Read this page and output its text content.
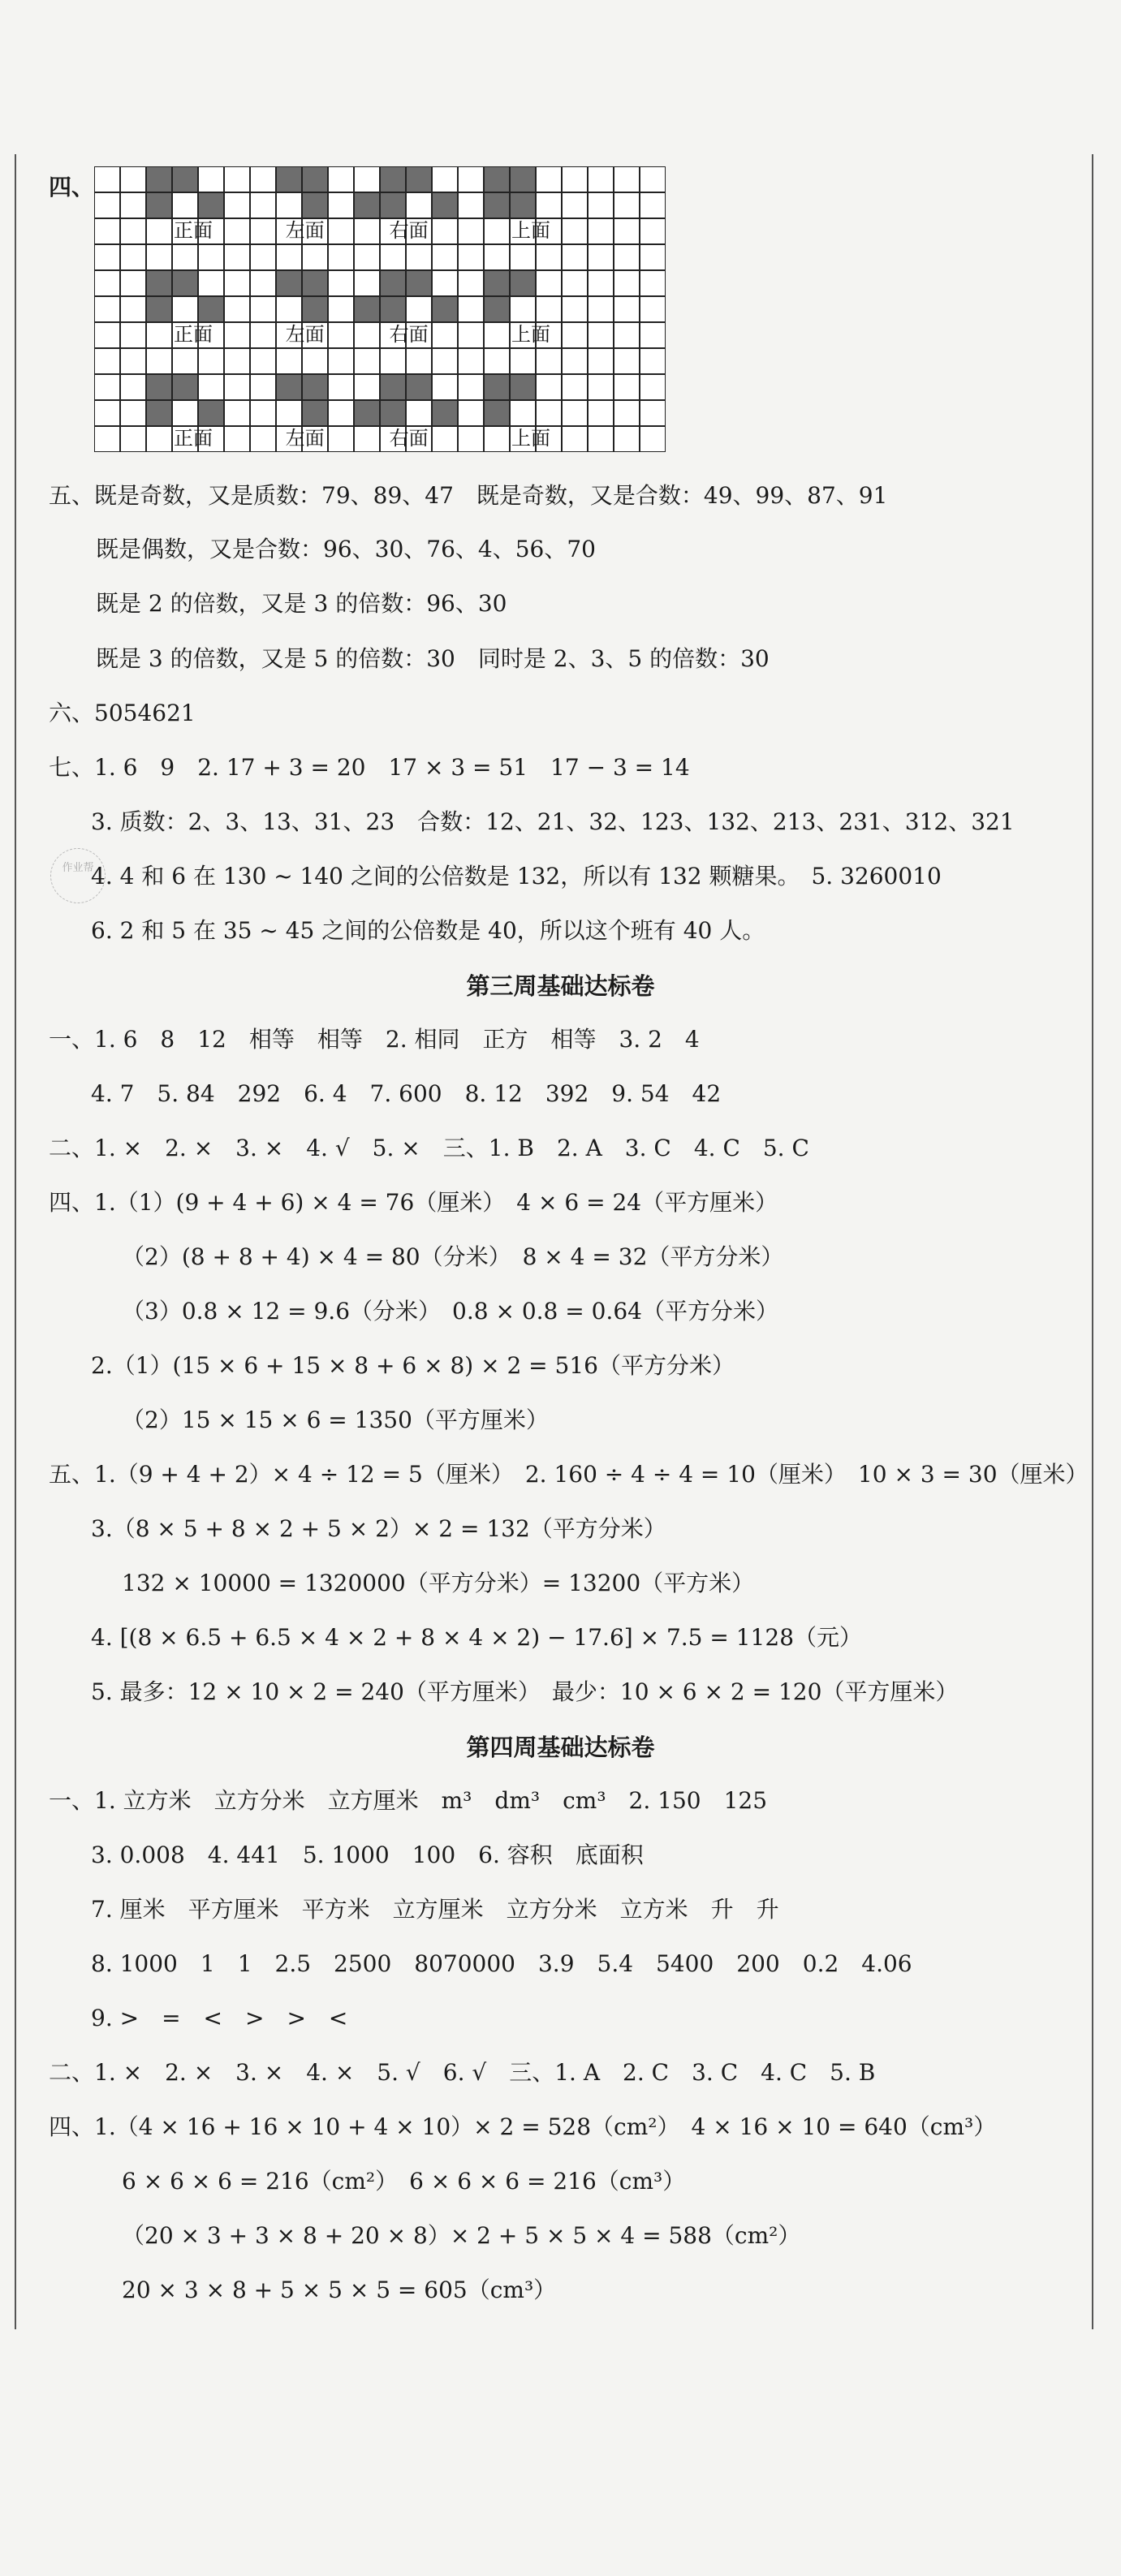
四、
正面	左面	右面	上面
正面	左面	右面	上面
正面	左面	右面	上面
五、既是奇数，又是质数：79、89、47　既是奇数，又是合数：49、99、87、91
既是偶数，又是合数：96、30、76、4、56、70
既是 2 的倍数，又是 3 的倍数：96、30
既是 3 的倍数，又是 5 的倍数：30　同时是 2、3、5 的倍数：30
六、5054621
七、1. 6　9　2. 17 + 3 = 20　17 × 3 = 51　17 − 3 = 14
3. 质数：2、3、13、31、23　合数：12、21、32、123、132、213、231、312、321
4. 4 和 6 在 130 ~ 140 之间的公倍数是 132，所以有 132 颗糖果。　5. 3260010
6. 2 和 5 在 35 ~ 45 之间的公倍数是 40，所以这个班有 40 人。
作业帮
第三周基础达标卷
一、1. 6　8　12　相等　相等　2. 相同　正方　相等　3. 2　4
4. 7　5. 84　292　6. 4　7. 600　8. 12　392　9. 54　42
二、1. ×　2. ×　3. ×　4. √　5. ×　三、1. B　2. A　3. C　4. C　5. C
四、1.（1）(9 + 4 + 6) × 4 = 76（厘米）　4 × 6 = 24（平方厘米）
（2）(8 + 8 + 4) × 4 = 80（分米）　8 × 4 = 32（平方分米）
（3）0.8 × 12 = 9.6（分米）　0.8 × 0.8 = 0.64（平方分米）
2.（1）(15 × 6 + 15 × 8 + 6 × 8) × 2 = 516（平方分米）
（2）15 × 15 × 6 = 1350（平方厘米）
五、1.（9 + 4 + 2）× 4 ÷ 12 = 5（厘米）　2. 160 ÷ 4 ÷ 4 = 10（厘米）　10 × 3 = 30（厘米）
3.（8 × 5 + 8 × 2 + 5 × 2）× 2 = 132（平方分米）
132 × 10000 = 1320000（平方分米）= 13200（平方米）
4. [(8 × 6.5 + 6.5 × 4 × 2 + 8 × 4 × 2) − 17.6] × 7.5 = 1128（元）
5. 最多：12 × 10 × 2 = 240（平方厘米）　最少：10 × 6 × 2 = 120（平方厘米）
第四周基础达标卷
一、1. 立方米　立方分米　立方厘米　m³　dm³　cm³　2. 150　125
3. 0.008　4. 441　5. 1000　100　6. 容积　底面积
7. 厘米　平方厘米　平方米　立方厘米　立方分米　立方米　升　升
8. 1000　1　1　2.5　2500　8070000　3.9　5.4　5400　200　0.2　4.06
9. >　=　<　>　>　<
二、1. ×　2. ×　3. ×　4. ×　5. √　6. √　三、1. A　2. C　3. C　4. C　5. B
四、1.（4 × 16 + 16 × 10 + 4 × 10）× 2 = 528（cm²）　4 × 16 × 10 = 640（cm³）
6 × 6 × 6 = 216（cm²）　6 × 6 × 6 = 216（cm³）
（20 × 3 + 3 × 8 + 20 × 8）× 2 + 5 × 5 × 4 = 588（cm²）
20 × 3 × 8 + 5 × 5 × 5 = 605（cm³）
